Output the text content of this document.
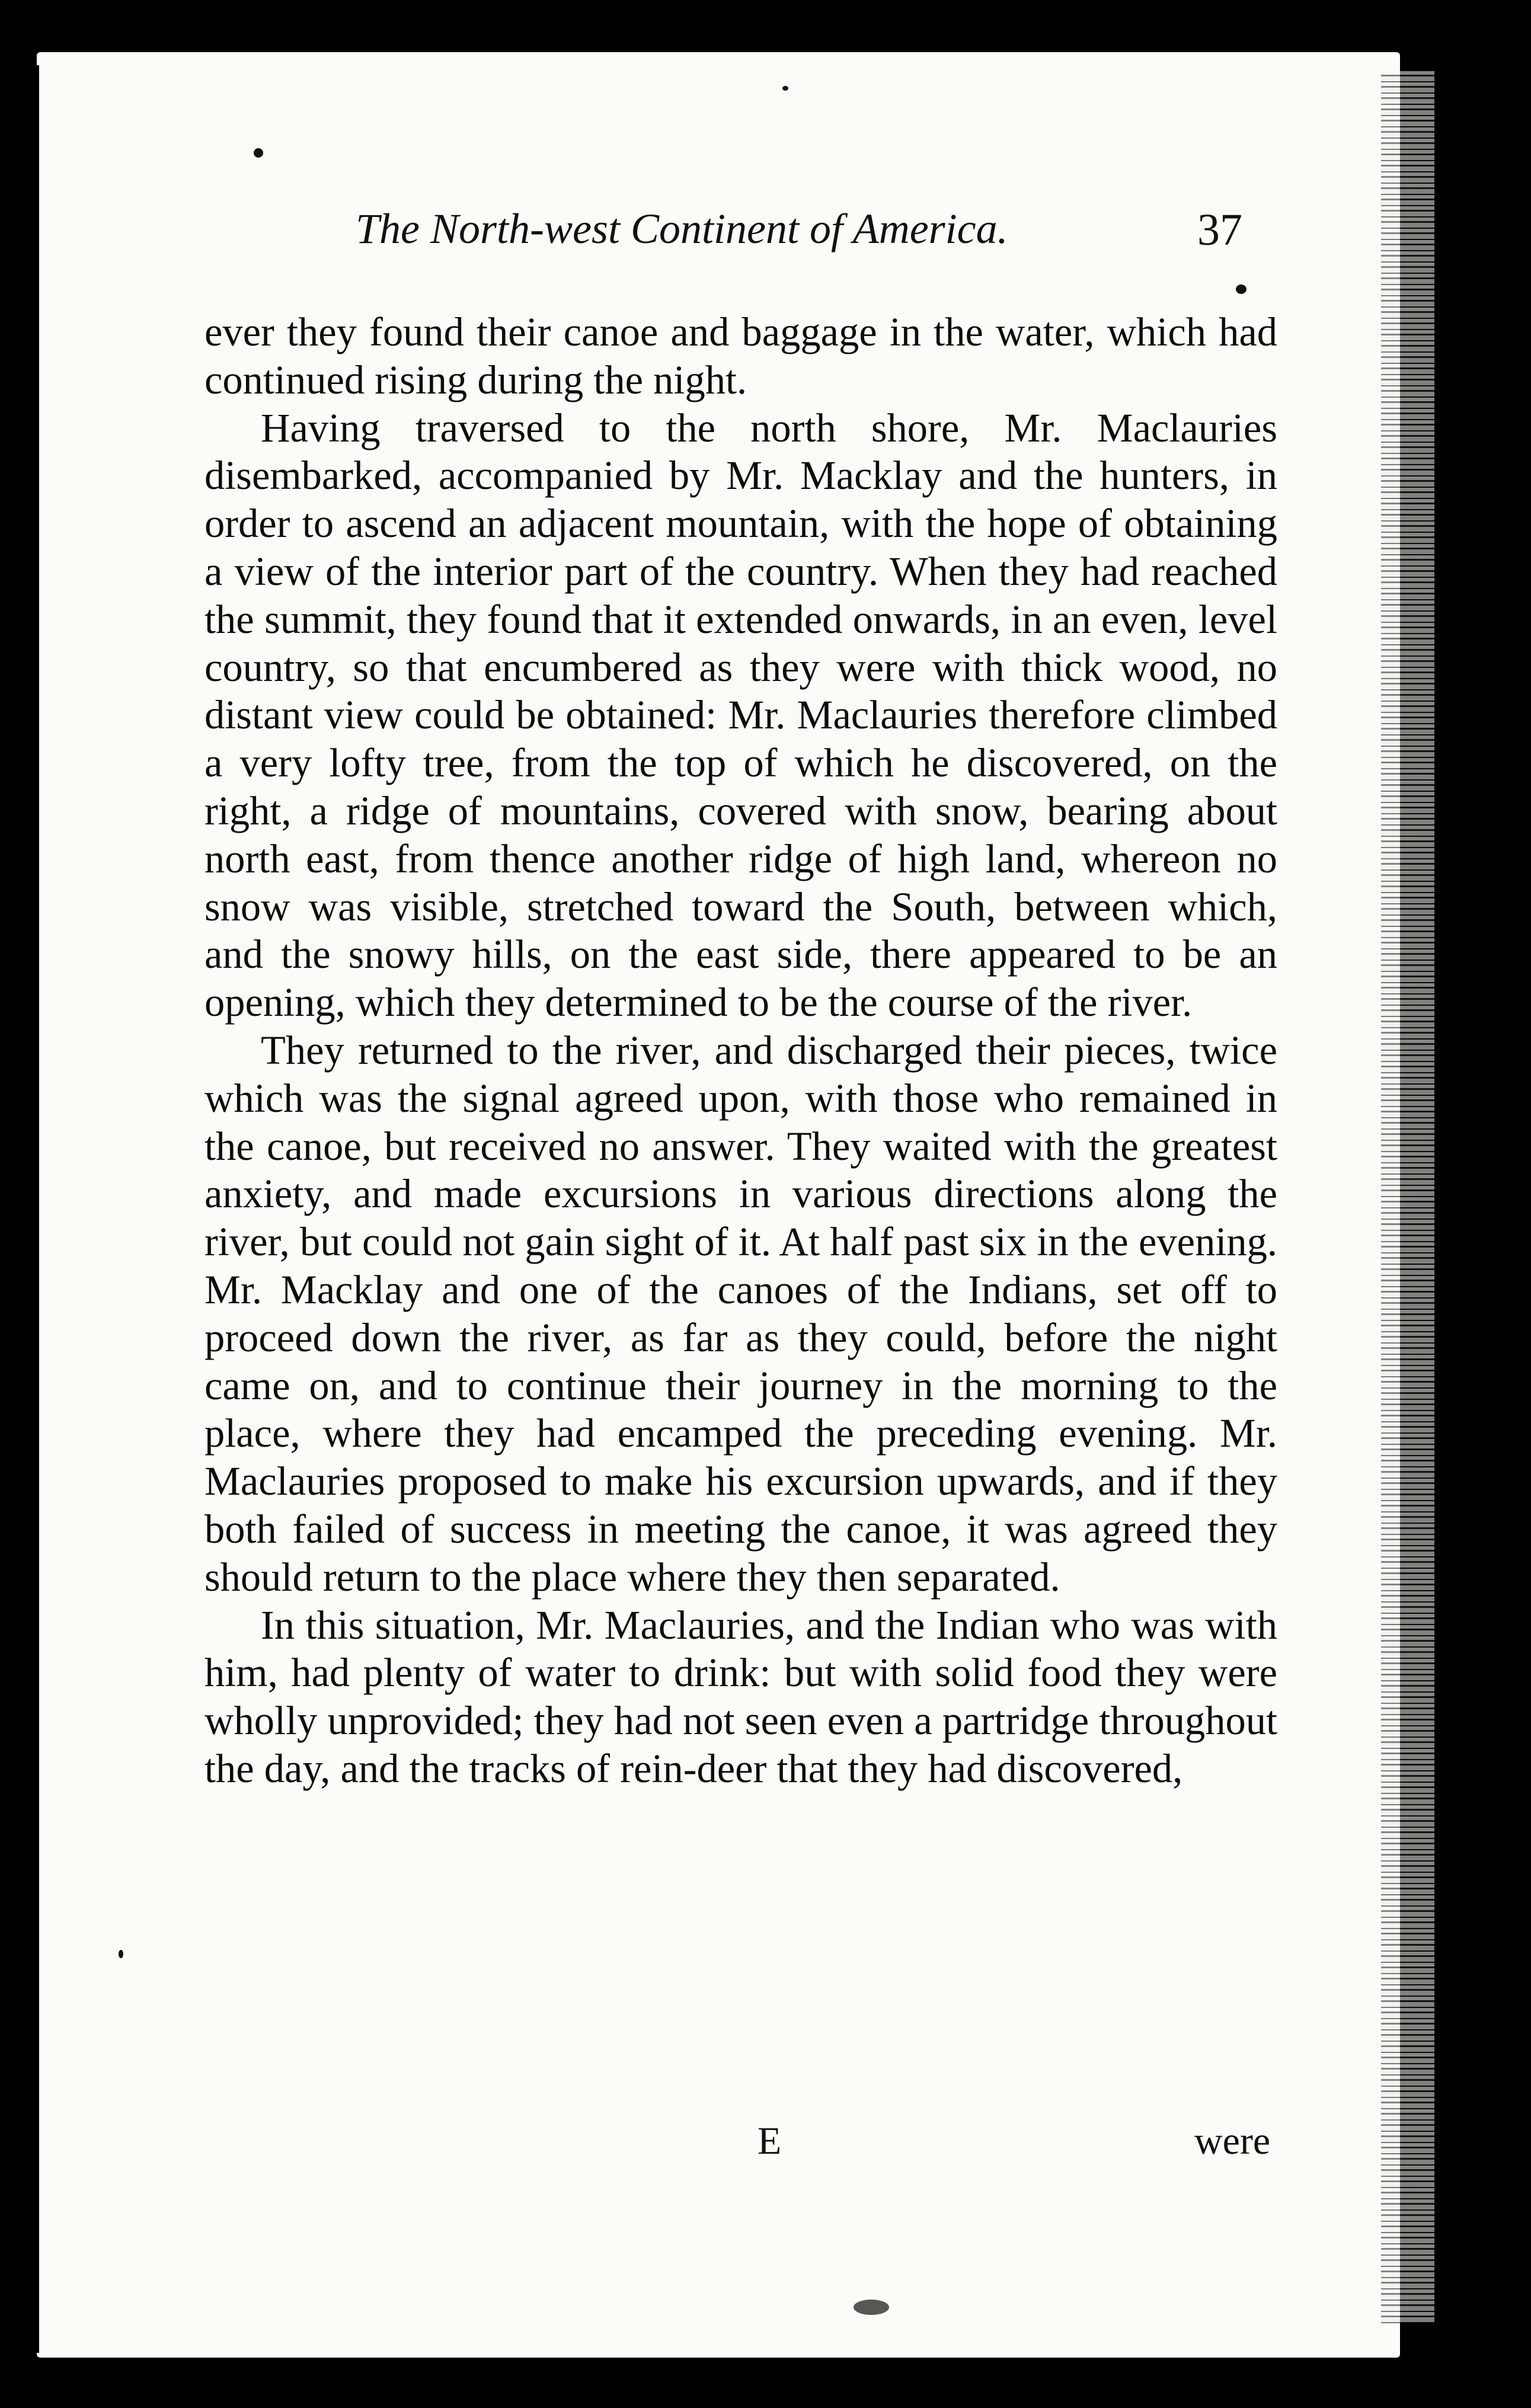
The North-west Continent of America.	37

ever they found their canoe and baggage in the water, which had continued rising during the night.

Having traversed to the north shore, Mr. Maclauries disembarked, accompanied by Mr. Macklay and the hunters, in order to ascend an adjacent mountain, with the hope of obtaining a view of the interior part of the country. When they had reached the summit, they found that it extended onwards, in an even, level country, so that encumbered as they were with thick wood, no distant view could be obtained: Mr. Maclauries therefore climbed a very lofty tree, from the top of which he discovered, on the right, a ridge of mountains, covered with snow, bearing about north east, from thence another ridge of high land, whereon no snow was visible, stretched toward the South, between which, and the snowy hills, on the east side, there appeared to be an opening, which they determined to be the course of the river.

They returned to the river, and discharged their pieces, twice which was the signal agreed upon, with those who remained in the canoe, but received no answer. They waited with the greatest anxiety, and made excursions in various directions along the river, but could not gain sight of it. At half past six in the evening. Mr. Macklay and one of the canoes of the Indians, set off to proceed down the river, as far as they could, before the night came on, and to continue their journey in the morning to the place, where they had encamped the preceding evening. Mr. Maclauries proposed to make his excursion upwards, and if they both failed of success in meeting the canoe, it was agreed they should return to the place where they then separated.

In this situation, Mr. Maclauries, and the Indian who was with him, had plenty of water to drink: but with solid food they were wholly unprovided; they had not seen even a partridge throughout the day, and the tracks of rein-deer that they had discovered,

E	were
